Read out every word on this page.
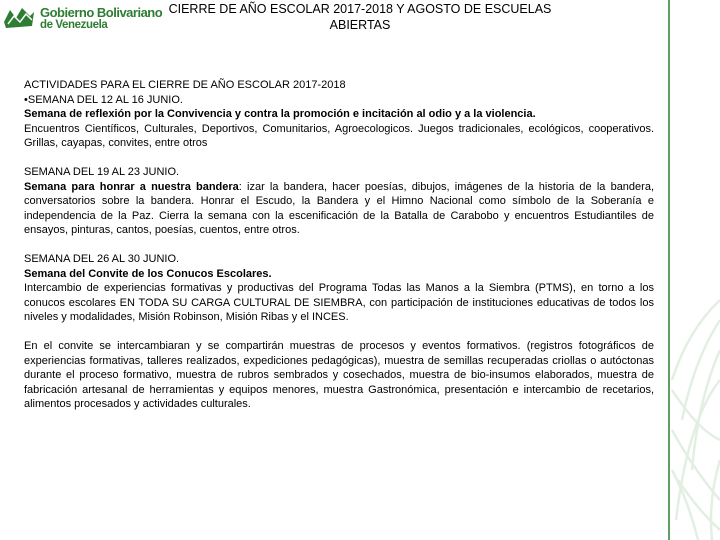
Gobierno Bolivariano
de Venezuela
CIERRE DE AÑO ESCOLAR 2017-2018 Y AGOSTO DE ESCUELAS
ABIERTAS

ACTIVIDADES PARA EL CIERRE DE AÑO ESCOLAR 2017-2018

•SEMANA DEL 12 AL 16 JUNIO.

Semana de reflexión por la Convivencia y contra la promoción e incitación al odio y a la violencia.

Encuentros Científicos, Culturales, Deportivos, Comunitarios, Agroecologicos. Juegos tradicionales, ecológicos, cooperativos. Grillas, cayapas, convites, entre otros

SEMANA DEL 19 AL 23 JUNIO.

Semana para honrar a nuestra bandera: izar la bandera, hacer poesías, dibujos, imágenes de la historia de la bandera, conversatorios sobre la bandera. Honrar el Escudo, la Bandera y el Himno Nacional como símbolo de la Soberanía e independencia de la Paz. Cierra la semana con la escenificación de la Batalla de Carabobo y encuentros Estudiantiles de ensayos, pinturas, cantos, poesías, cuentos, entre otros.

SEMANA DEL 26 AL 30 JUNIO.

Semana del Convite de los Conucos Escolares.

Intercambio de experiencias formativas y productivas del Programa Todas las Manos a la Siembra (PTMS), en torno a los conucos escolares EN TODA SU CARGA CULTURAL DE SIEMBRA, con participación de instituciones educativas de todos los niveles y modalidades, Misión Robinson, Misión Ribas y el INCES.

En el convite se intercambiaran y se compartirán muestras de procesos y eventos formativos. (registros fotográficos de experiencias formativas, talleres realizados, expediciones pedagógicas), muestra de semillas recuperadas criollas o autóctonas durante el proceso formativo, muestra de rubros sembrados y cosechados, muestra de bio-insumos elaborados, muestra de fabricación artesanal de herramientas y equipos menores, muestra Gastronómica, presentación e intercambio de recetarios, alimentos procesados y actividades culturales.
